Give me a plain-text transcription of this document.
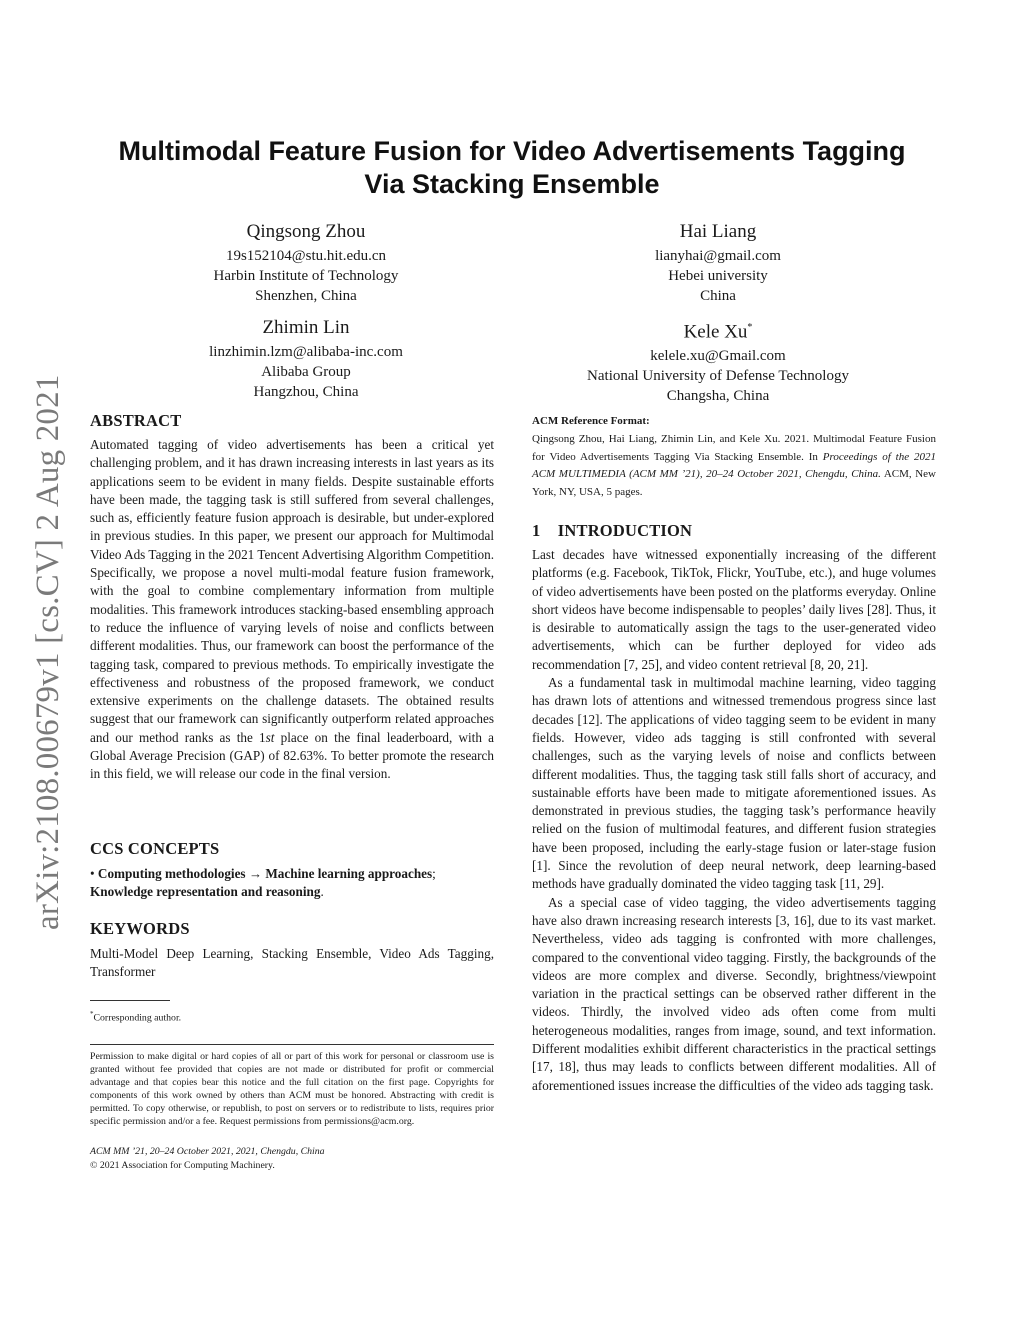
arXiv:2108.00679v1 [cs.CV] 2 Aug 2021
Multimodal Feature Fusion for Video Advertisements Tagging
Via Stacking Ensemble
Qingsong Zhou
19s152104@stu.hit.edu.cn
Harbin Institute of Technology
Shenzhen, China
Hai Liang
lianyhai@gmail.com
Hebei university
China
Zhimin Lin
linzhimin.lzm@alibaba-inc.com
Alibaba Group
Hangzhou, China
Kele Xu*
kelele.xu@Gmail.com
National University of Defense Technology
Changsha, China
ABSTRACT

Automated tagging of video advertisements has been a critical yet challenging problem, and it has drawn increasing interests in last years as its applications seem to be evident in many fields. Despite sustainable efforts have been made, the tagging task is still suffered from several challenges, such as, efficiently feature fusion approach is desirable, but under-explored in previous studies. In this paper, we present our approach for Multimodal Video Ads Tagging in the 2021 Tencent Advertising Algorithm Competition. Specifically, we propose a novel multi-modal feature fusion framework, with the goal to combine complementary information from multiple modalities. This framework introduces stacking-based ensembling approach to reduce the influence of varying levels of noise and conflicts between different modalities. Thus, our framework can boost the performance of the tagging task, compared to previous methods. To empirically investigate the effectiveness and robustness of the proposed framework, we conduct extensive experiments on the challenge datasets. The obtained results suggest that our framework can significantly outperform related approaches and our method ranks as the 1st place on the final leaderboard, with a Global Average Precision (GAP) of 82.63%. To better promote the research in this field, we will release our code in the final version.

CCS CONCEPTS

• Computing methodologies → Machine learning approaches; Knowledge representation and reasoning.

KEYWORDS

Multi-Model Deep Learning, Stacking Ensemble, Video Ads Tagging, Transformer

*Corresponding author.

Permission to make digital or hard copies of all or part of this work for personal or classroom use is granted without fee provided that copies are not made or distributed for profit or commercial advantage and that copies bear this notice and the full citation on the first page. Copyrights for components of this work owned by others than ACM must be honored. Abstracting with credit is permitted. To copy otherwise, or republish, to post on servers or to redistribute to lists, requires prior specific permission and/or a fee. Request permissions from permissions@acm.org.

ACM MM ’21, 20–24 October 2021, 2021, Chengdu, China

© 2021 Association for Computing Machinery.

ACM Reference Format:

Qingsong Zhou, Hai Liang, Zhimin Lin, and Kele Xu. 2021. Multimodal Feature Fusion for Video Advertisements Tagging Via Stacking Ensemble. In Proceedings of the 2021 ACM MULTIMEDIA (ACM MM ’21), 20–24 October 2021, Chengdu, China. ACM, New York, NY, USA, 5 pages.

1    INTRODUCTION

Last decades have witnessed exponentially increasing of the different platforms (e.g. Facebook, TikTok, Flickr, YouTube, etc.), and huge volumes of video advertisements have been posted on the platforms everyday. Online short videos have become indispensable to peoples’ daily lives [28]. Thus, it is desirable to automatically assign the tags to the user-generated video advertisements, which can be further deployed for video ads recommendation [7, 25], and video content retrieval [8, 20, 21].

As a fundamental task in multimodal machine learning, video tagging has drawn lots of attentions and witnessed tremendous progress since last decades [12]. The applications of video tagging seem to be evident in many fields. However, video ads tagging is still confronted with several challenges, such as the varying levels of noise and conflicts between different modalities. Thus, the tagging task still falls short of accuracy, and sustainable efforts have been made to mitigate aforementioned issues. As demonstrated in previous studies, the tagging task’s performance heavily relied on the fusion of multimodal features, and different fusion strategies have been proposed, including the early-stage fusion or later-stage fusion [1]. Since the revolution of deep neural network, deep learning-based methods have gradually dominated the video tagging task [11, 29].

As a special case of video tagging, the video advertisements tagging have also drawn increasing research interests [3, 16], due to its vast market. Nevertheless, video ads tagging is confronted with more challenges, compared to the conventional video tagging. Firstly, the backgrounds of the videos are more complex and diverse. Secondly, brightness/viewpoint variation in the practical settings can be observed rather different in the videos. Thirdly, the involved video ads often come from multi heterogeneous modalities, ranges from image, sound, and text information. Different modalities exhibit different characteristics in the practical settings [17, 18], thus may leads to conflicts between different modalities. All of aforementioned issues increase the difficulties of the video ads tagging task.
